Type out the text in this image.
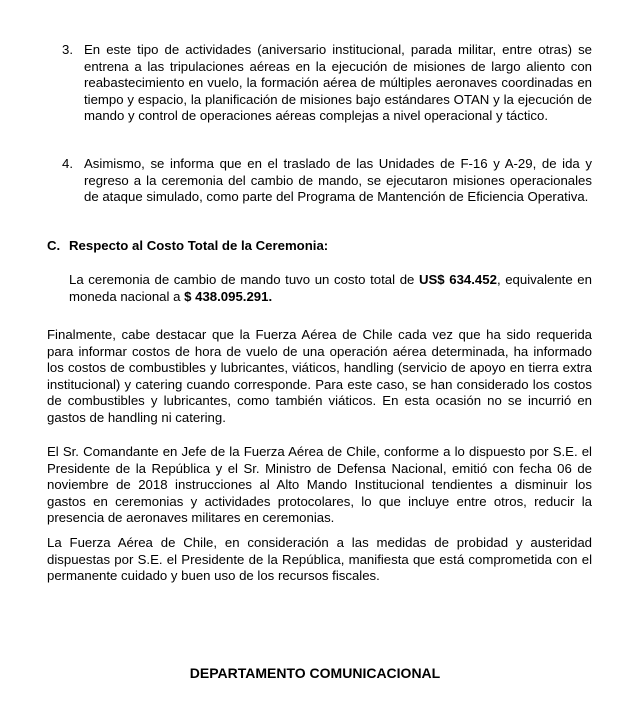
3. En este tipo de actividades (aniversario institucional, parada militar, entre otras) se entrena a las tripulaciones aéreas en la ejecución de misiones de largo aliento con reabastecimiento en vuelo, la formación aérea de múltiples aeronaves coordinadas en tiempo y espacio, la planificación de misiones bajo estándares OTAN y la ejecución de mando y control de operaciones aéreas complejas a nivel operacional y táctico.
4. Asimismo, se informa que en el traslado de las Unidades de F-16 y A-29, de ida y regreso a la ceremonia del cambio de mando, se ejecutaron misiones operacionales de ataque simulado, como parte del Programa de Mantención de Eficiencia Operativa.
C. Respecto al Costo Total de la Ceremonia:
La ceremonia de cambio de mando tuvo un costo total de US$ 634.452, equivalente en moneda nacional a $ 438.095.291.
Finalmente, cabe destacar que la Fuerza Aérea de Chile cada vez que ha sido requerida para informar costos de hora de vuelo de una operación aérea determinada, ha informado los costos de combustibles y lubricantes, viáticos, handling (servicio de apoyo en tierra extra institucional) y catering cuando corresponde. Para este caso, se han considerado los costos de combustibles y lubricantes, como también viáticos. En esta ocasión no se incurrió en gastos de handling ni catering.
El Sr. Comandante en Jefe de la Fuerza Aérea de Chile, conforme a lo dispuesto por S.E. el Presidente de la República y el Sr. Ministro de Defensa Nacional, emitió con fecha 06 de noviembre de 2018 instrucciones al Alto Mando Institucional tendientes a disminuir los gastos en ceremonias y actividades protocolares, lo que incluye entre otros, reducir la presencia de aeronaves militares en ceremonias.
La Fuerza Aérea de Chile, en consideración a las medidas de probidad y austeridad dispuestas por S.E. el Presidente de la República, manifiesta que está comprometida con el permanente cuidado y buen uso de los recursos fiscales.
DEPARTAMENTO COMUNICACIONAL
